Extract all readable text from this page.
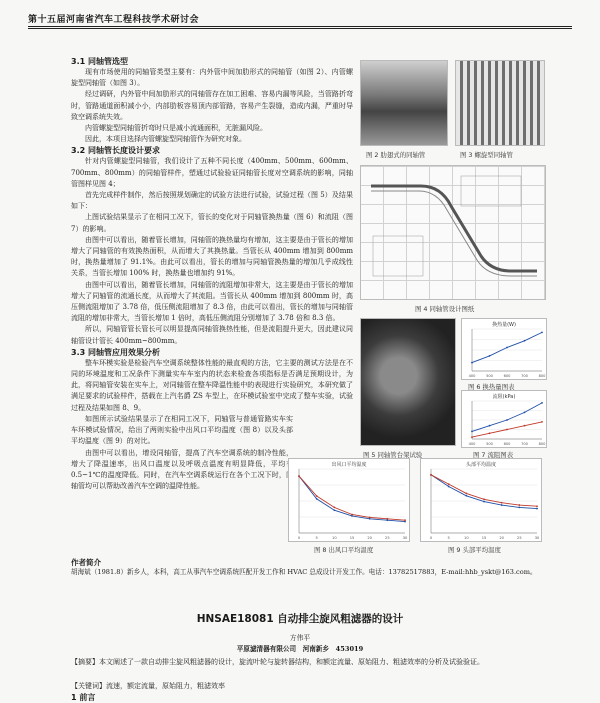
第十五届河南省汽车工程科技学术研讨会
3.1 同轴管选型
现有市场使用的同轴管类型主要有：内外管中间加肋形式的同轴管（如图 2）、内管螺旋型同轴管（如图 3）。
经过调研，内外管中间加肋形式的同轴管存在加工困难、容易内漏等风险，当管路折弯时，管路通道面积减小小，内部肋板容易顶内部管路，容易产生裂缝，造成内漏，严重时导致空调系统失效。
内管螺旋型同轴管折弯时只是减小流通面积，无脏漏风险。
因此，本项目选择内管螺旋型同轴管作为研究对象。
3.2 同轴管长度设计要求
针对内管螺旋型同轴管，我们设计了五种不同长度（400mm、500mm、600mm、700mm、800mm）的同轴管样件，塑通过试验验证同轴管长度对空调系统的影响，同轴管图样见图 4；
首先完成样件制作，然后按照规划确定的试验方法进行试验，试验过程（图 5）及结果如下：
上图试验结果显示了在相同工况下，管长的变化对于同轴管换热量（图 6）和流阻（图 7）的影响。
由图中可以看出，随着管长增加，同轴管的换热量均有增加，这主要是由于管长的增加增大了同轴管的有效换热面积，从而增大了其换热量。当管长从 400mm 增加到 800mm 时，换热量增加了 91.1%。由此可以看出，管长的增加与同轴管换热量的增加几乎成线性关系，当管长增加 100% 时，换热量也增加约 91%。
由图中可以看出，随着管长增加，同轴管的流阻增加非常大，这主要是由于管长的增加增大了同轴管的流通长度，从而增大了其流阻。当管长从 400mm 增加到 800mm 时，高压侧流阻增加了 3.78 倍，低压侧流阻增加了 8.3 倍，由此可以看出，管长的增加与同轴管流阻的增加非常大，当管长增加 1 倍时，高低压侧流阻分别增加了 3.78 倍和 8.3 倍。
所以，同轴管管长管长可以明显提高同轴管换热性能，但是流阻提升更大，因此建议同轴管设计管长 400mm~800mm。
3.3 同轴管应用效果分析
整车环模实验是检验汽车空调系统整体性能的最直观的方法，它主要的测试方法是在不同的环境温度和工况条件下测量实车车室内的状态来检查各项指标是否满足预期设计，为此，将同轴管安装在实车上，对同轴管在整车降温性能中的表现进行实验研究，本研究做了满足要求的试验样件，搭载在上汽名爵 ZS 车型上，在环模试验室中完成了整车实验，试验过程及结果如图 8、9。
如图所示试验结果显示了在相同工况下，同轴管与普通管路实车实车环模试验情况，给出了两则实验中出风口平均温度（图 8）以及头部平均温度（图 9）的对比。
由图中可以看出，增设同轴管，提高了汽车空调系统的制冷性能，增大了降温速率，出风口温度以及呼吸点温度有明显降低，平均有 0.5~1℃的温度降低。同时，在汽车空调系统运行在各个工况下时，同轴管均可以帮助改善汽车空调的温降性能。
图 2 肋翅式的同轴管	图 3 螺旋型同轴管
图 4 同轴管设计图纸
图 5 同轴管台架试验
换热量(W)
400	500	600	700	800
图 6 换热量图表
流阻(kPa)
400	500	600	700	800
图 7 流阻图表
出风口平均温度
0	5	10	15	20	25	30
图 8 出风口平均温度
头部平均温度
0	5	10	15	20	25	30
图 9 头部平均温度
作者简介
胡海斌（1981.8）新乡人，本科，高工从事汽车空调系统匹配开发工作和 HVAC 总成设计开发工作。电话：13782517883，E-mail:hhb_yskt@163.com。
HNSAE18081 自动排尘旋风粗滤器的设计
方伟平
平原滤清器有限公司　河南新乡　453019
【摘要】本文阐述了一款自动排尘旋风粗滤器的设计，旋流叶轮与旋转器结构，和额定流量、原始阻力、粗滤效率的分析及试验验证。
【关键词】流速，额定流量，原始阻力，粗滤效率
1 前言
